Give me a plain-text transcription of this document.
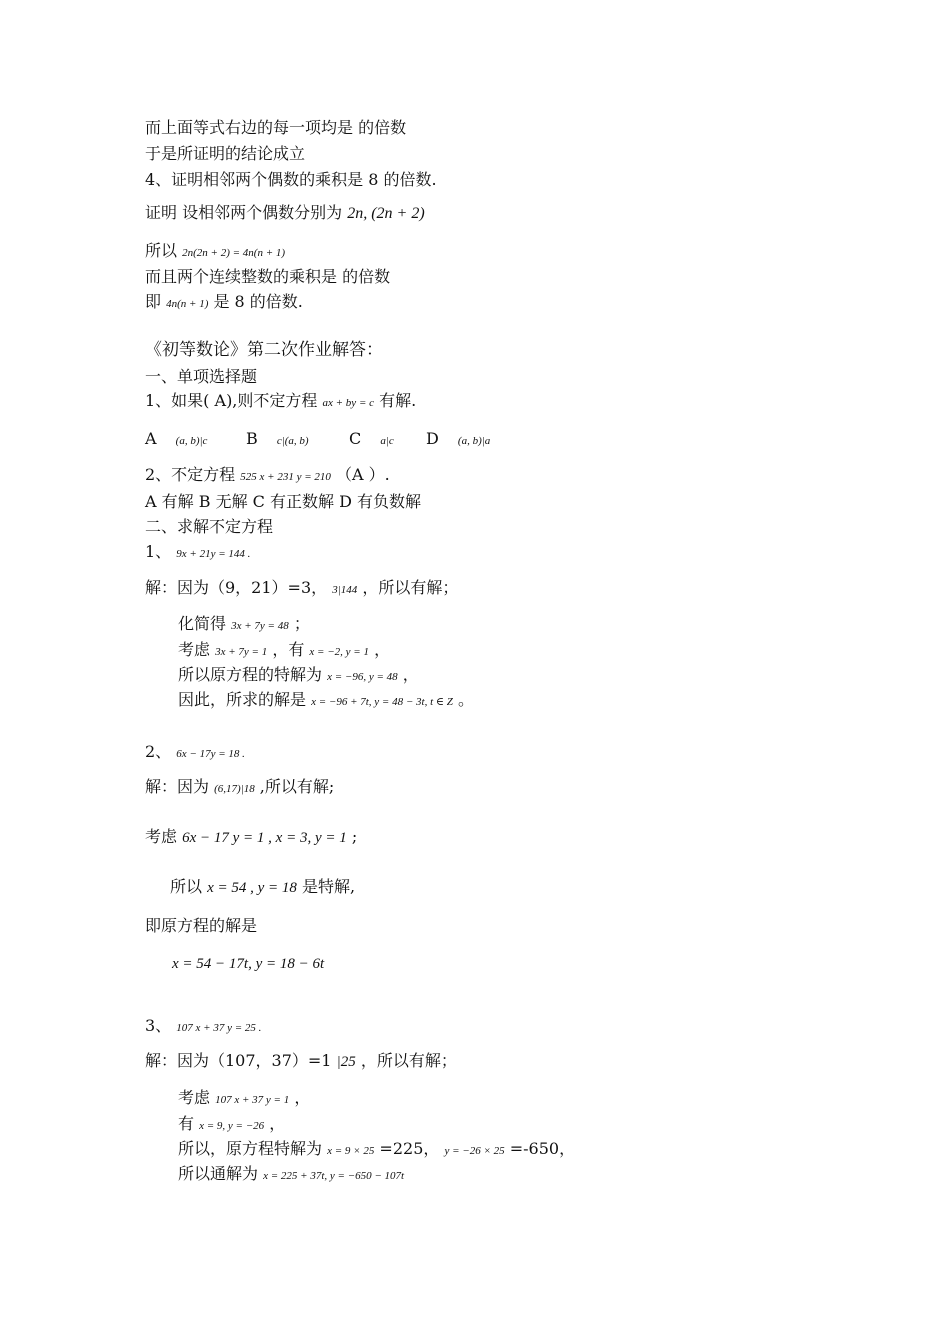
而上面等式右边的每一项均是 的倍数
于是所证明的结论成立
4、证明相邻两个偶数的乘积是 8 的倍数.
证明 设相邻两个偶数分别为 2n, (2n + 2)
所以 2n(2n + 2) = 4n(n + 1)
而且两个连续整数的乘积是 的倍数
即 4n(n + 1) 是 8 的倍数.
《初等数论》第二次作业解答：
一、单项选择题
1、如果( A),则不定方程 ax + by = c 有解.
A (a, b)|c B c|(a, b)	C a|c D (a, b)|a
2、不定方程 525 x + 231 y = 210 （A ）.
A 有解 B 无解 C 有正数解 D 有负数解
二、求解不定方程
1、 9x + 21y = 144 .
解：因为（9，21）=3， 3|144 ，所以有解；
化简得 3x + 7y = 48 ；
考虑 3x + 7y = 1 ，有 x = −2, y = 1 ，
所以原方程的特解为 x = −96, y = 48 ，
因此，所求的解是 x = −96 + 7t, y = 48 − 3t, t ∈ Z 。
2、 6x − 17y = 18 .
解：因为 (6,17)|18 ,所以有解;
考虑 6x − 17 y = 1 , x = 3, y = 1 ;
所以 x = 54 , y = 18 是特解,
即原方程的解是
x = 54 − 17t, y = 18 − 6t
3、 107 x + 37 y = 25 .
解：因为（107，37）=1 |25 ，所以有解；
考虑 107 x + 37 y = 1 ，
有 x = 9, y = −26 ，
所以，原方程特解为 x = 9 × 25 =225， y = −26 × 25 =-650，
所以通解为 x = 225 + 37t, y = −650 − 107t
